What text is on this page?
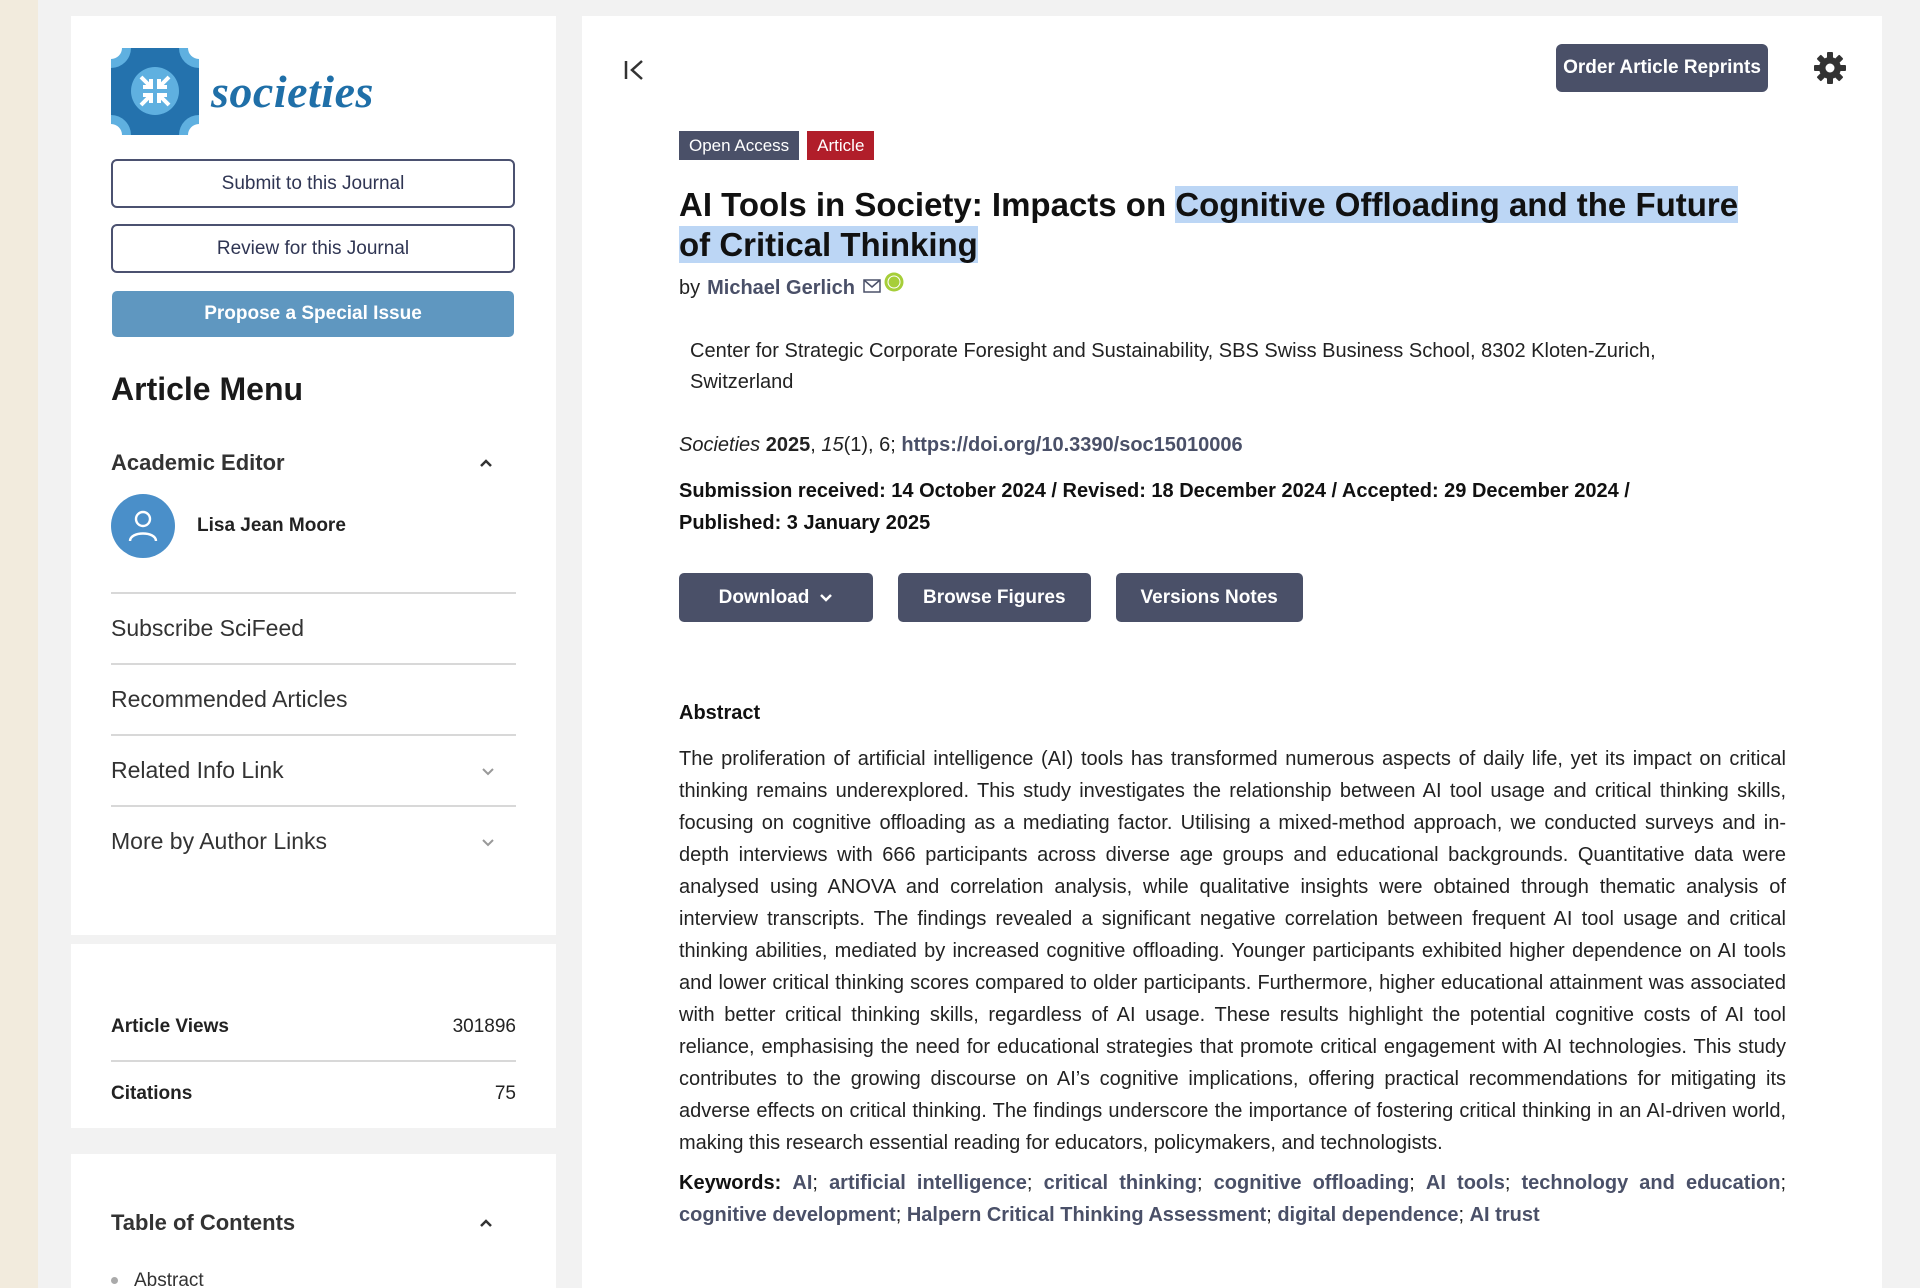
societies
Submit to this Journal
Review for this Journal
Propose a Special Issue
Article Menu
Academic Editor
Lisa Jean Moore
Subscribe SciFeed
Recommended Articles
Related Info Link
More by Author Links
Article Views	301896
Citations	75
Table of Contents
Abstract
Order Article Reprints
Open Access	Article
AI Tools in Society: Impacts on Cognitive Offloading and the Future of Critical Thinking
by Michael Gerlich
Center for Strategic Corporate Foresight and Sustainability, SBS Swiss Business School, 8302 Kloten-Zurich, Switzerland
Societies 2025, 15(1), 6; https://doi.org/10.3390/soc15010006
Submission received: 14 October 2024 / Revised: 18 December 2024 / Accepted: 29 December 2024 / Published: 3 January 2025
Download	Browse Figures	Versions Notes
Abstract

The proliferation of artificial intelligence (AI) tools has transformed numerous aspects of daily life, yet its impact on critical thinking remains underexplored. This study investigates the relationship between AI tool usage and critical thinking skills, focusing on cognitive offloading as a mediating factor. Utilising a mixed-method approach, we conducted surveys and in-depth interviews with 666 participants across diverse age groups and educational backgrounds. Quantitative data were analysed using ANOVA and correlation analysis, while qualitative insights were obtained through thematic analysis of interview transcripts. The findings revealed a significant negative correlation between frequent AI tool usage and critical thinking abilities, mediated by increased cognitive offloading. Younger participants exhibited higher dependence on AI tools and lower critical thinking scores compared to older participants. Furthermore, higher educational attainment was associated with better critical thinking skills, regardless of AI usage. These results highlight the potential cognitive costs of AI tool reliance, emphasising the need for educational strategies that promote critical engagement with AI technologies. This study contributes to the growing discourse on AI’s cognitive implications, offering practical recommendations for mitigating its adverse effects on critical thinking. The findings underscore the importance of fostering critical thinking in an AI-driven world, making this research essential reading for educators, policymakers, and technologists.

Keywords: AI; artificial intelligence; critical thinking; cognitive offloading; AI tools; technology and education; cognitive development; Halpern Critical Thinking Assessment; digital dependence; AI trust
